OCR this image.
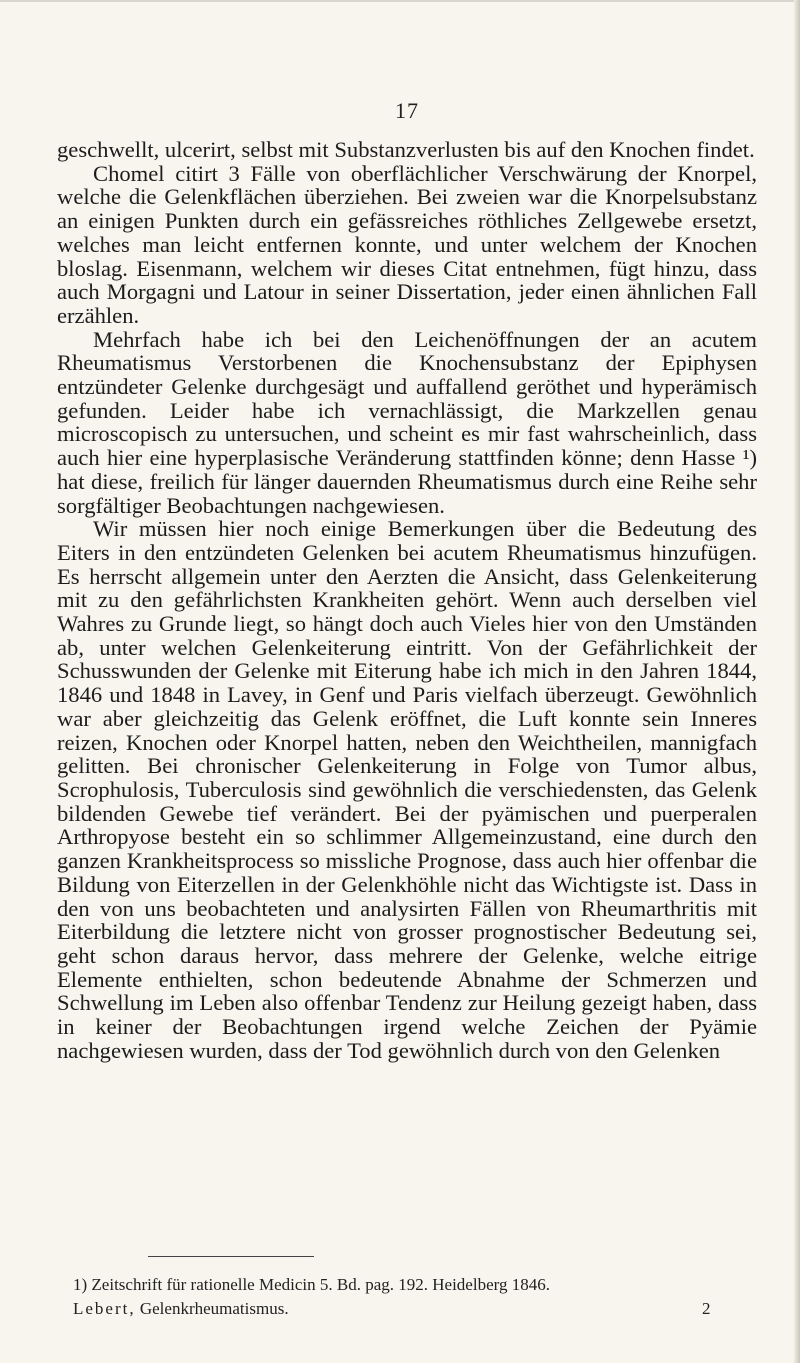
17

geschwellt, ulcerirt, selbst mit Substanzverlusten bis auf den Knochen findet.

Chomel citirt 3 Fälle von oberflächlicher Verschwärung der Knorpel, welche die Gelenkflächen überziehen. Bei zweien war die Knorpelsubstanz an einigen Punkten durch ein gefässreiches röthliches Zellgewebe ersetzt, welches man leicht entfernen konnte, und unter welchem der Knochen bloslag. Eisenmann, welchem wir dieses Citat entnehmen, fügt hinzu, dass auch Morgagni und Latour in seiner Dissertation, jeder einen ähnlichen Fall erzählen.

Mehrfach habe ich bei den Leichenöffnungen der an acutem Rheumatismus Verstorbenen die Knochensubstanz der Epiphysen entzündeter Gelenke durchgesägt und auffallend geröthet und hyperämisch gefunden. Leider habe ich vernachlässigt, die Markzellen genau microscopisch zu untersuchen, und scheint es mir fast wahrscheinlich, dass auch hier eine hyperplasische Veränderung stattfinden könne; denn Hasse ¹) hat diese, freilich für länger dauernden Rheumatismus durch eine Reihe sehr sorgfältiger Beobachtungen nachgewiesen.

Wir müssen hier noch einige Bemerkungen über die Bedeutung des Eiters in den entzündeten Gelenken bei acutem Rheumatismus hinzufügen. Es herrscht allgemein unter den Aerzten die Ansicht, dass Gelenkeiterung mit zu den gefährlichsten Krankheiten gehört. Wenn auch derselben viel Wahres zu Grunde liegt, so hängt doch auch Vieles hier von den Umständen ab, unter welchen Gelenkeiterung eintritt. Von der Gefährlichkeit der Schusswunden der Gelenke mit Eiterung habe ich mich in den Jahren 1844, 1846 und 1848 in Lavey, in Genf und Paris vielfach überzeugt. Gewöhnlich war aber gleichzeitig das Gelenk eröffnet, die Luft konnte sein Inneres reizen, Knochen oder Knorpel hatten, neben den Weichtheilen, mannigfach gelitten. Bei chronischer Gelenkeiterung in Folge von Tumor albus, Scrophulosis, Tuberculosis sind gewöhnlich die verschiedensten, das Gelenk bildenden Gewebe tief verändert. Bei der pyämischen und puerperalen Arthropyose besteht ein so schlimmer Allgemeinzustand, eine durch den ganzen Krankheitsprocess so missliche Prognose, dass auch hier offenbar die Bildung von Eiterzellen in der Gelenkhöhle nicht das Wichtigste ist. Dass in den von uns beobachteten und analysirten Fällen von Rheumarthritis mit Eiterbildung die letztere nicht von grosser prognostischer Bedeutung sei, geht schon daraus hervor, dass mehrere der Gelenke, welche eitrige Elemente enthielten, schon bedeutende Abnahme der Schmerzen und Schwellung im Leben also offenbar Tendenz zur Heilung gezeigt haben, dass in keiner der Beobachtungen irgend welche Zeichen der Pyämie nachgewiesen wurden, dass der Tod gewöhnlich durch von den Gelenken

1) Zeitschrift für rationelle Medicin 5. Bd. pag. 192. Heidelberg 1846.
Lebert, Gelenkrheumatismus.	2
